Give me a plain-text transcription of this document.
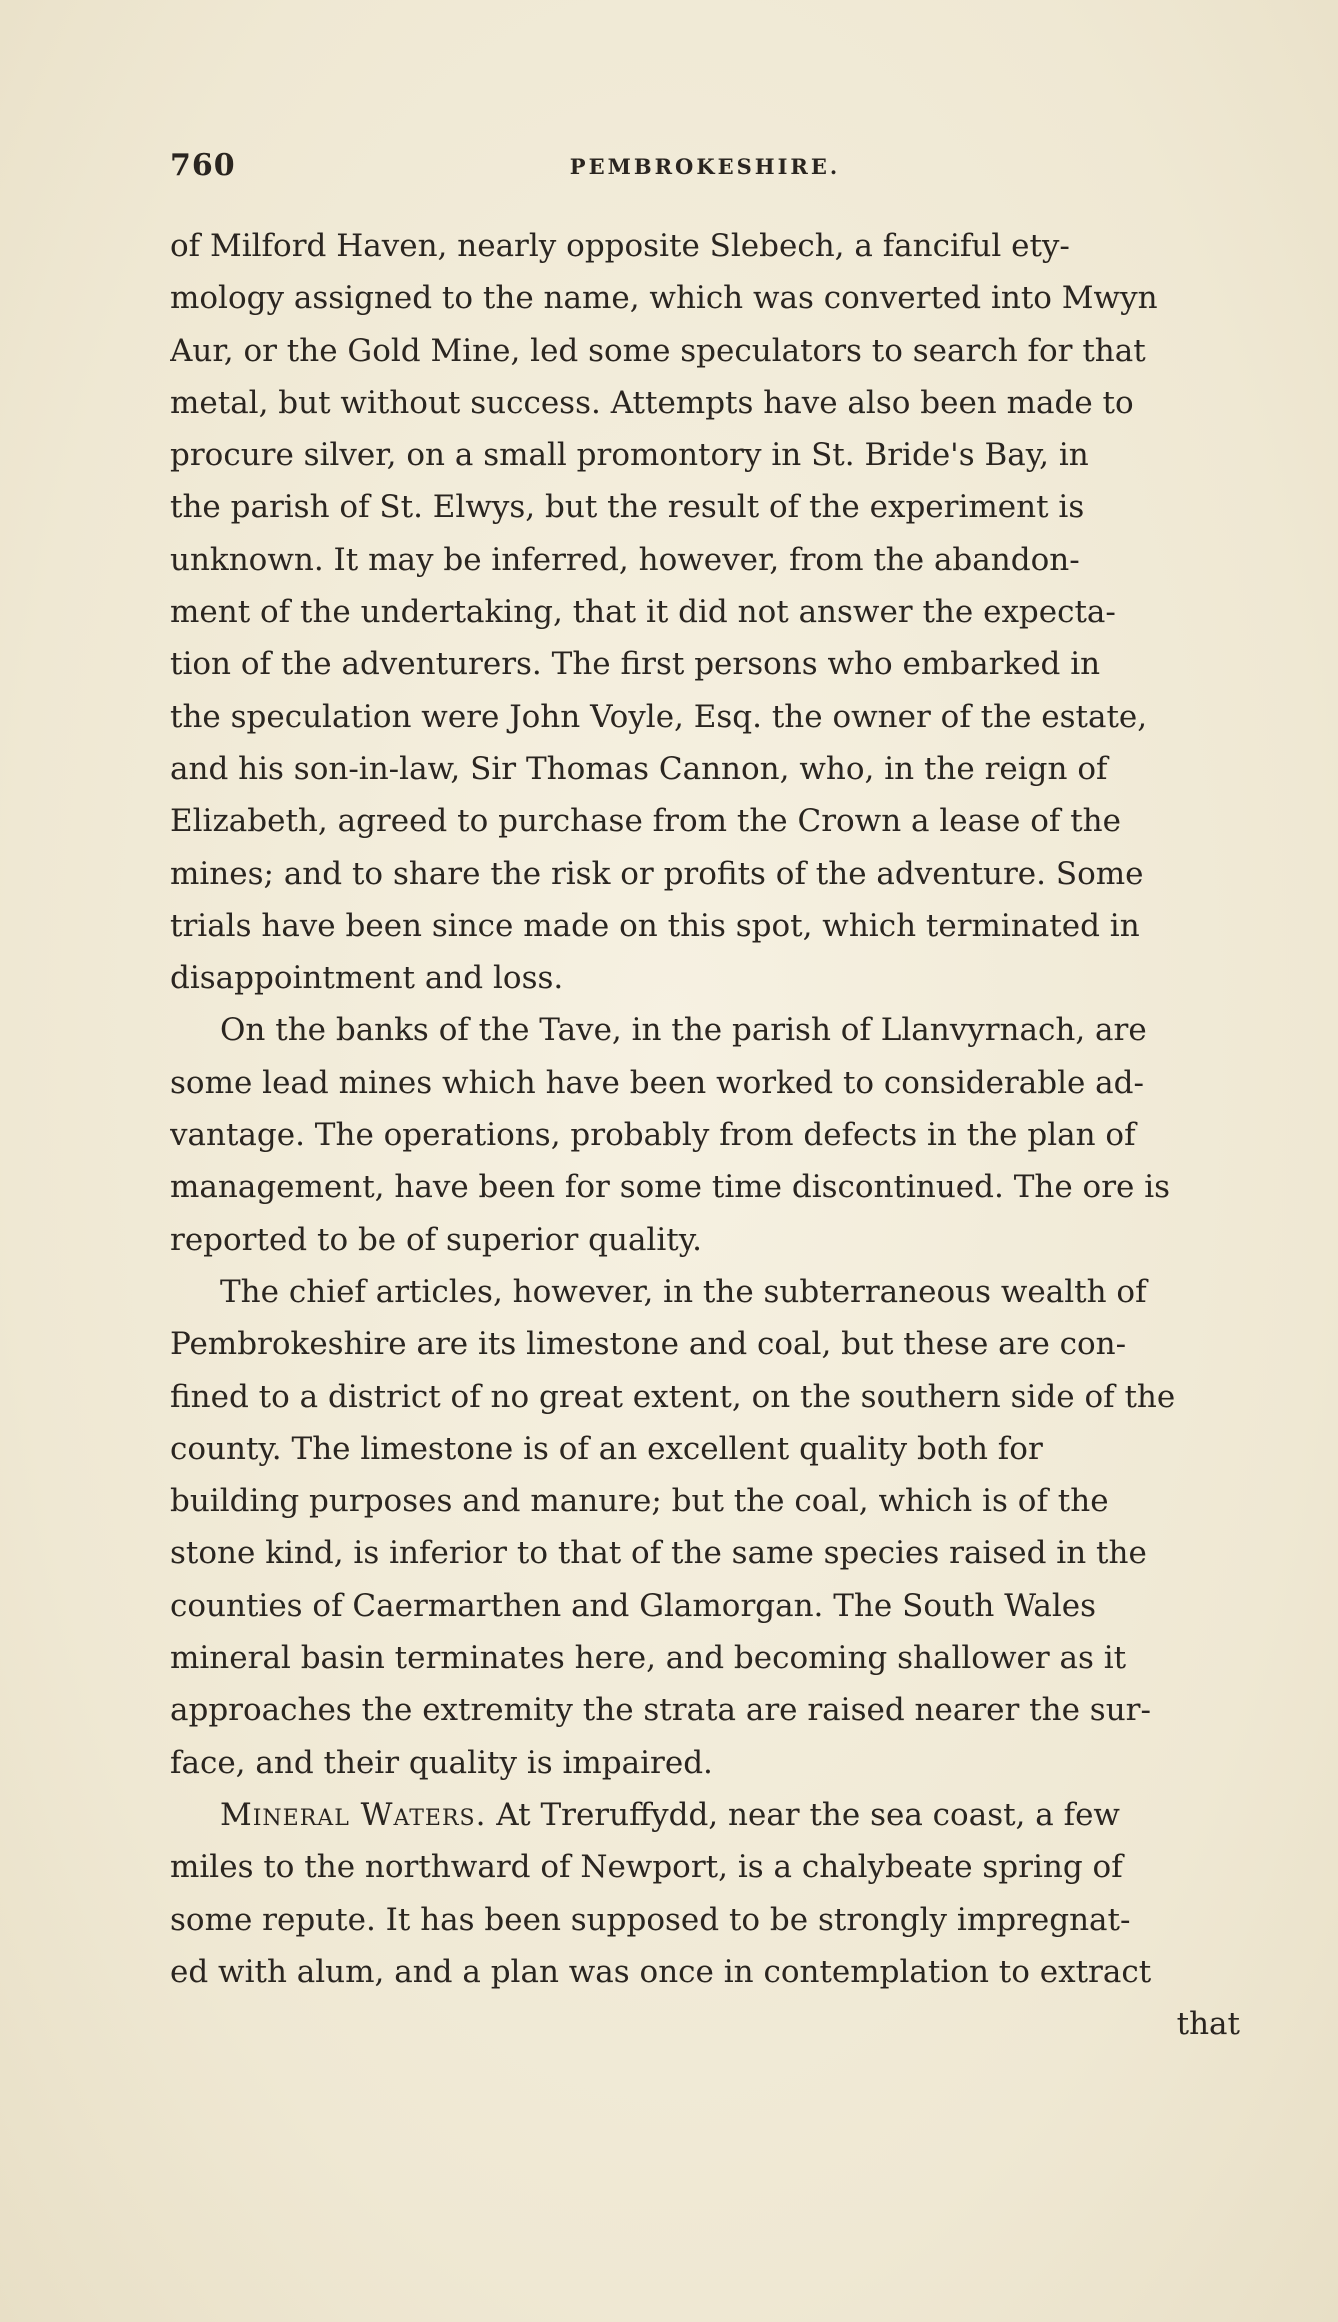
760	PEMBROKESHIRE.
of Milford Haven, nearly opposite Slebech, a fanciful ety-
mology assigned to the name, which was converted into Mwyn
Aur, or the Gold Mine, led some speculators to search for that
metal, but without success. Attempts have also been made to
procure silver, on a small promontory in St. Bride's Bay, in
the parish of St. Elwys, but the result of the experiment is
unknown. It may be inferred, however, from the abandon-
ment of the undertaking, that it did not answer the expecta-
tion of the adventurers. The first persons who embarked in
the speculation were John Voyle, Esq. the owner of the estate,
and his son-in-law, Sir Thomas Cannon, who, in the reign of
Elizabeth, agreed to purchase from the Crown a lease of the
mines; and to share the risk or profits of the adventure. Some
trials have been since made on this spot, which terminated in
disappointment and loss.
On the banks of the Tave, in the parish of Llanvyrnach, are
some lead mines which have been worked to considerable ad-
vantage. The operations, probably from defects in the plan of
management, have been for some time discontinued. The ore is
reported to be of superior quality.
The chief articles, however, in the subterraneous wealth of
Pembrokeshire are its limestone and coal, but these are con-
fined to a district of no great extent, on the southern side of the
county. The limestone is of an excellent quality both for
building purposes and manure; but the coal, which is of the
stone kind, is inferior to that of the same species raised in the
counties of Caermarthen and Glamorgan. The South Wales
mineral basin terminates here, and becoming shallower as it
approaches the extremity the strata are raised nearer the sur-
face, and their quality is impaired.
Mineral Waters. At Treruffydd, near the sea coast, a few
miles to the northward of Newport, is a chalybeate spring of
some repute. It has been supposed to be strongly impregnat-
ed with alum, and a plan was once in contemplation to extract
that
